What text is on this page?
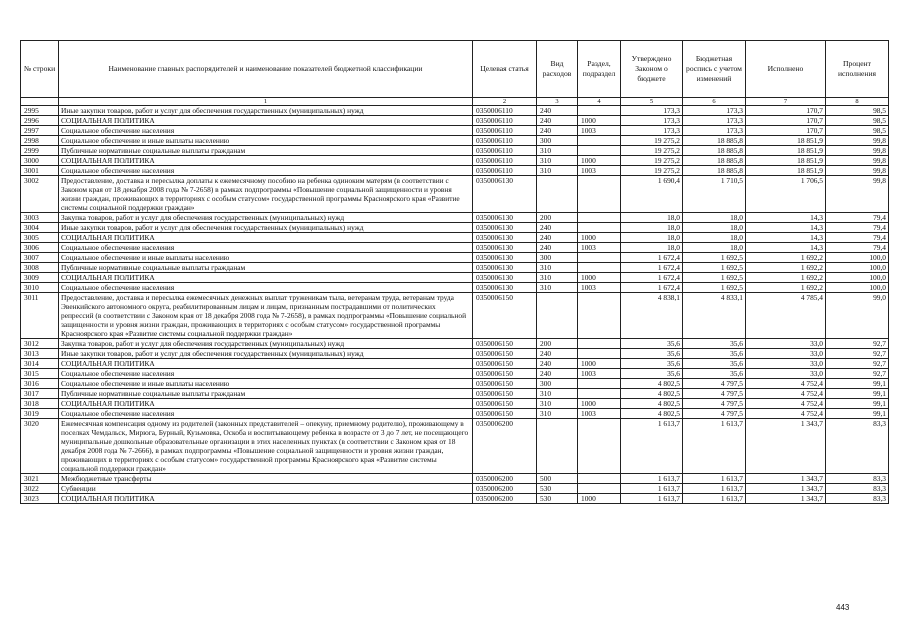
№ строки	Наименование главных распорядителей и наименование показателей бюджетной классификации	Целевая статья	Вид расходов	Раздел, подраздел	Утверждено Законом о бюджете	Бюджетная роспись с учетом изменений	Исполнено	Процент исполнения
	1	2	3	4	5	6	7	8
2995	Иные закупки товаров, работ и услуг для обеспечения государственных (муниципальных) нужд	0350006110	240		173,3	173,3	170,7	98,5
2996	СОЦИАЛЬНАЯ ПОЛИТИКА	0350006110	240	1000	173,3	173,3	170,7	98,5
2997	Социальное обеспечение населения	0350006110	240	1003	173,3	173,3	170,7	98,5
2998	Социальное обеспечение и иные выплаты населению	0350006110	300		19 275,2	18 885,8	18 851,9	99,8
2999	Публичные нормативные социальные выплаты гражданам	0350006110	310		19 275,2	18 885,8	18 851,9	99,8
3000	СОЦИАЛЬНАЯ ПОЛИТИКА	0350006110	310	1000	19 275,2	18 885,8	18 851,9	99,8
3001	Социальное обеспечение населения	0350006110	310	1003	19 275,2	18 885,8	18 851,9	99,8
3002	Предоставление, доставка и пересылка доплаты к ежемесячному пособию на ребенка одиноким матерям (в соответствии с Законом края от 18 декабря 2008 года № 7-2658) в рамках подпрограммы «Повышение социальной защищенности и уровня жизни граждан, проживающих в территориях с особым статусом» государственной программы Красноярского края «Развитие системы социальной поддержки граждан»	0350006130			1 690,4	1 710,5	1 706,5	99,8
3003	Закупка товаров, работ и услуг для обеспечения государственных (муниципальных) нужд	0350006130	200		18,0	18,0	14,3	79,4
3004	Иные закупки товаров, работ и услуг для обеспечения государственных (муниципальных) нужд	0350006130	240		18,0	18,0	14,3	79,4
3005	СОЦИАЛЬНАЯ ПОЛИТИКА	0350006130	240	1000	18,0	18,0	14,3	79,4
3006	Социальное обеспечение населения	0350006130	240	1003	18,0	18,0	14,3	79,4
3007	Социальное обеспечение и иные выплаты населению	0350006130	300		1 672,4	1 692,5	1 692,2	100,0
3008	Публичные нормативные социальные выплаты гражданам	0350006130	310		1 672,4	1 692,5	1 692,2	100,0
3009	СОЦИАЛЬНАЯ ПОЛИТИКА	0350006130	310	1000	1 672,4	1 692,5	1 692,2	100,0
3010	Социальное обеспечение населения	0350006130	310	1003	1 672,4	1 692,5	1 692,2	100,0
3011	Предоставление, доставка и пересылка ежемесячных денежных выплат труженикам тыла, ветеранам труда, ветеранам труда Эвенкийского автономного округа, реабилитированным лицам и лицам, признанным пострадавшими от политических репрессий (в соответствии с Законом края от 18 декабря 2008 года № 7-2658), в рамках подпрограммы «Повышение социальной защищенности и уровня жизни граждан, проживающих в территориях с особым статусом» государственной программы Красноярского края «Развитие системы социальной поддержки граждан»	0350006150			4 838,1	4 833,1	4 785,4	99,0
3012	Закупка товаров, работ и услуг для обеспечения государственных (муниципальных) нужд	0350006150	200		35,6	35,6	33,0	92,7
3013	Иные закупки товаров, работ и услуг для обеспечения государственных (муниципальных) нужд	0350006150	240		35,6	35,6	33,0	92,7
3014	СОЦИАЛЬНАЯ ПОЛИТИКА	0350006150	240	1000	35,6	35,6	33,0	92,7
3015	Социальное обеспечение населения	0350006150	240	1003	35,6	35,6	33,0	92,7
3016	Социальное обеспечение и иные выплаты населению	0350006150	300		4 802,5	4 797,5	4 752,4	99,1
3017	Публичные нормативные социальные выплаты гражданам	0350006150	310		4 802,5	4 797,5	4 752,4	99,1
3018	СОЦИАЛЬНАЯ ПОЛИТИКА	0350006150	310	1000	4 802,5	4 797,5	4 752,4	99,1
3019	Социальное обеспечение населения	0350006150	310	1003	4 802,5	4 797,5	4 752,4	99,1
3020	Ежемесячная компенсация одному из родителей (законных представителей – опекуну, приемному родителю), проживающему в поселках Чемдальск, Мирюга, Бурный, Кузьмовка, Oскоба и воспитывающему ребенка в возрасте от 3 до 7 лет, не посещающего муниципальные дошкольные образовательные организации в этих населенных пунктах (в соответствии с Законом края от 18 декабря 2008 года № 7-2666), в рамках подпрограммы «Повышение социальной защищенности и уровня жизни граждан, проживающих в территориях с особым статусом» государственной программы Красноярского края «Развитие системы социальной поддержки граждан»	0350006200			1 613,7	1 613,7	1 343,7	83,3
3021	Межбюджетные трансферты	0350006200	500		1 613,7	1 613,7	1 343,7	83,3
3022	Субвенции	0350006200	530		1 613,7	1 613,7	1 343,7	83,3
3023	СОЦИАЛЬНАЯ ПОЛИТИКА	0350006200	530	1000	1 613,7	1 613,7	1 343,7	83,3
443
